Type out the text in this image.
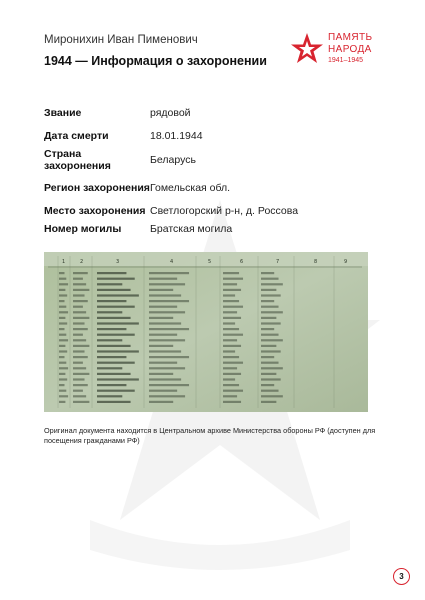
Миронихин Иван Пименович
1944 — Информация о захоронении
ПАМЯТЬ
НАРОДА
1941–1945
Звание	рядовой
Дата смерти	18.01.1944
Страна захоронения	Беларусь
Регион захоронения Гомельская обл.
Место захоронения Светлогорский р-н, д. Россова
Номер могилы	Братская могила
1	2	3	4	5	6	7	8	9
Оригинал документа находится в Центральном архиве Министерства обороны РФ (доступен для посещения гражданами РФ)
3
